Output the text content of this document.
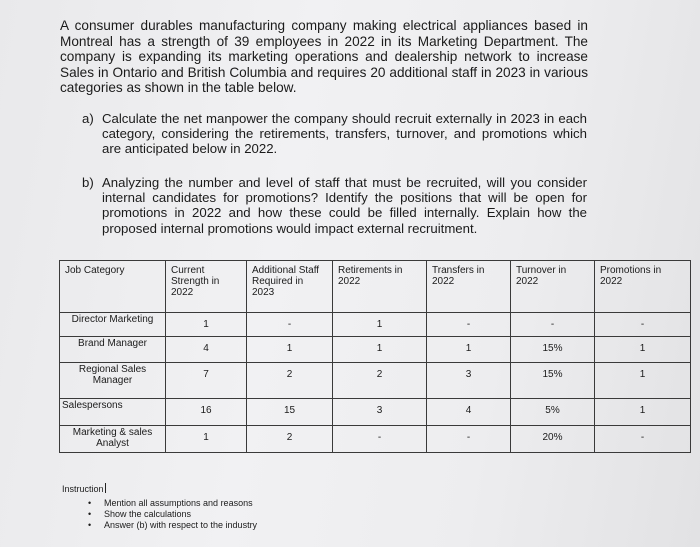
A consumer durables manufacturing company making electrical appliances based in Montreal has a strength of 39 employees in 2022 in its Marketing Department. The company is expanding its marketing operations and dealership network to increase Sales in Ontario and British Columbia and requires 20 additional staff in 2023 in various categories as shown in the table below.
a) Calculate the net manpower the company should recruit externally in 2023 in each category, considering the retirements, transfers, turnover, and promotions which are anticipated below in 2022.
b) Analyzing the number and level of staff that must be recruited, will you consider internal candidates for promotions? Identify the positions that will be open for promotions in 2022 and how these could be filled internally. Explain how the proposed internal promotions would impact external recruitment.
Job Category	Current Strength in 2022	Additional Staff Required in 2023	Retirements in 2022	Transfers in 2022	Turnover in 2022	Promotions in 2022
Director Marketing	1	-	1	-	-	-
Brand Manager	4	1	1	1	15%	1
Regional Sales Manager	7	2	2	3	15%	1
Salespersons	16	15	3	4	5%	1
Marketing & sales Analyst	1	2	-	-	20%	-
Instruction
• Mention all assumptions and reasons
• Show the calculations
• Answer (b) with respect to the industry
